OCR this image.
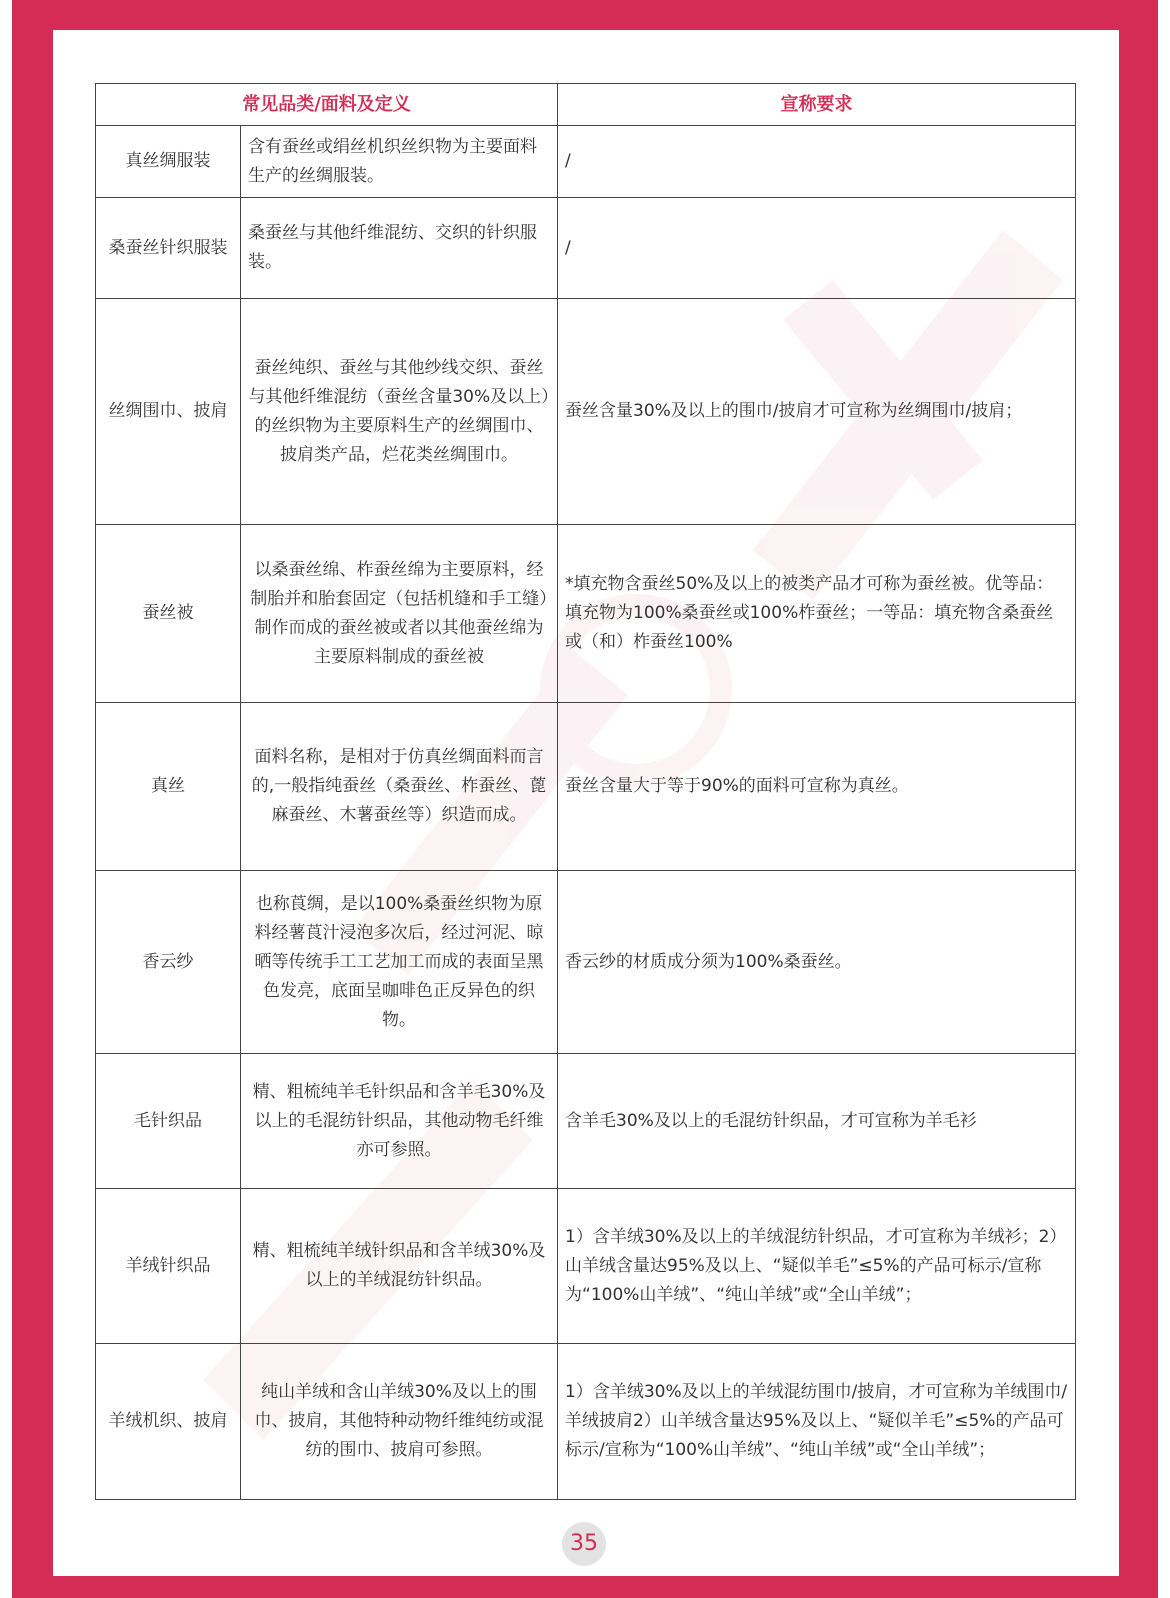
常见品类/面料及定义		宣称要求
真丝绸服装	含有蚕丝或绢丝机织丝织物为主要面料生产的丝绸服装。	/
桑蚕丝针织服装	桑蚕丝与其他纤维混纺、交织的针织服装。	/
丝绸围巾、披肩	蚕丝纯织、蚕丝与其他纱线交织、蚕丝与其他纤维混纺（蚕丝含量30%及以上）的丝织物为主要原料生产的丝绸围巾、披肩类产品，烂花类丝绸围巾。	蚕丝含量30%及以上的围巾/披肩才可宣称为丝绸围巾/披肩；
蚕丝被	以桑蚕丝绵、柞蚕丝绵为主要原料，经制胎并和胎套固定（包括机缝和手工缝）制作而成的蚕丝被或者以其他蚕丝绵为主要原料制成的蚕丝被	*填充物含蚕丝50%及以上的被类产品才可称为蚕丝被。优等品：填充物为100%桑蚕丝或100%柞蚕丝；一等品：填充物含桑蚕丝或（和）柞蚕丝100%
真丝	面料名称，是相对于仿真丝绸面料而言的,一般指纯蚕丝（桑蚕丝、柞蚕丝、蓖麻蚕丝、木薯蚕丝等）织造而成。	蚕丝含量大于等于90%的面料可宣称为真丝。
香云纱	也称莨绸，是以100%桑蚕丝织物为原料经薯莨汁浸泡多次后，经过河泥、晾晒等传统手工工艺加工而成的表面呈黑色发亮，底面呈咖啡色正反异色的织物。	香云纱的材质成分须为100%桑蚕丝。
毛针织品	精、粗梳纯羊毛针织品和含羊毛30%及以上的毛混纺针织品，其他动物毛纤维亦可参照。	含羊毛30%及以上的毛混纺针织品，才可宣称为羊毛衫
羊绒针织品	精、粗梳纯羊绒针织品和含羊绒30%及以上的羊绒混纺针织品。	1）含羊绒30%及以上的羊绒混纺针织品，才可宣称为羊绒衫；2）山羊绒含量达95%及以上、“疑似羊毛”≤5%的产品可标示/宣称为“100%山羊绒”、“纯山羊绒”或“全山羊绒”；
羊绒机织、披肩	纯山羊绒和含山羊绒30%及以上的围巾、披肩，其他特种动物纤维纯纺或混纺的围巾、披肩可参照。	1）含羊绒30%及以上的羊绒混纺围巾/披肩，才可宣称为羊绒围巾/羊绒披肩2）山羊绒含量达95%及以上、“疑似羊毛”≤5%的产品可标示/宣称为“100%山羊绒”、“纯山羊绒”或“全山羊绒”；
35
